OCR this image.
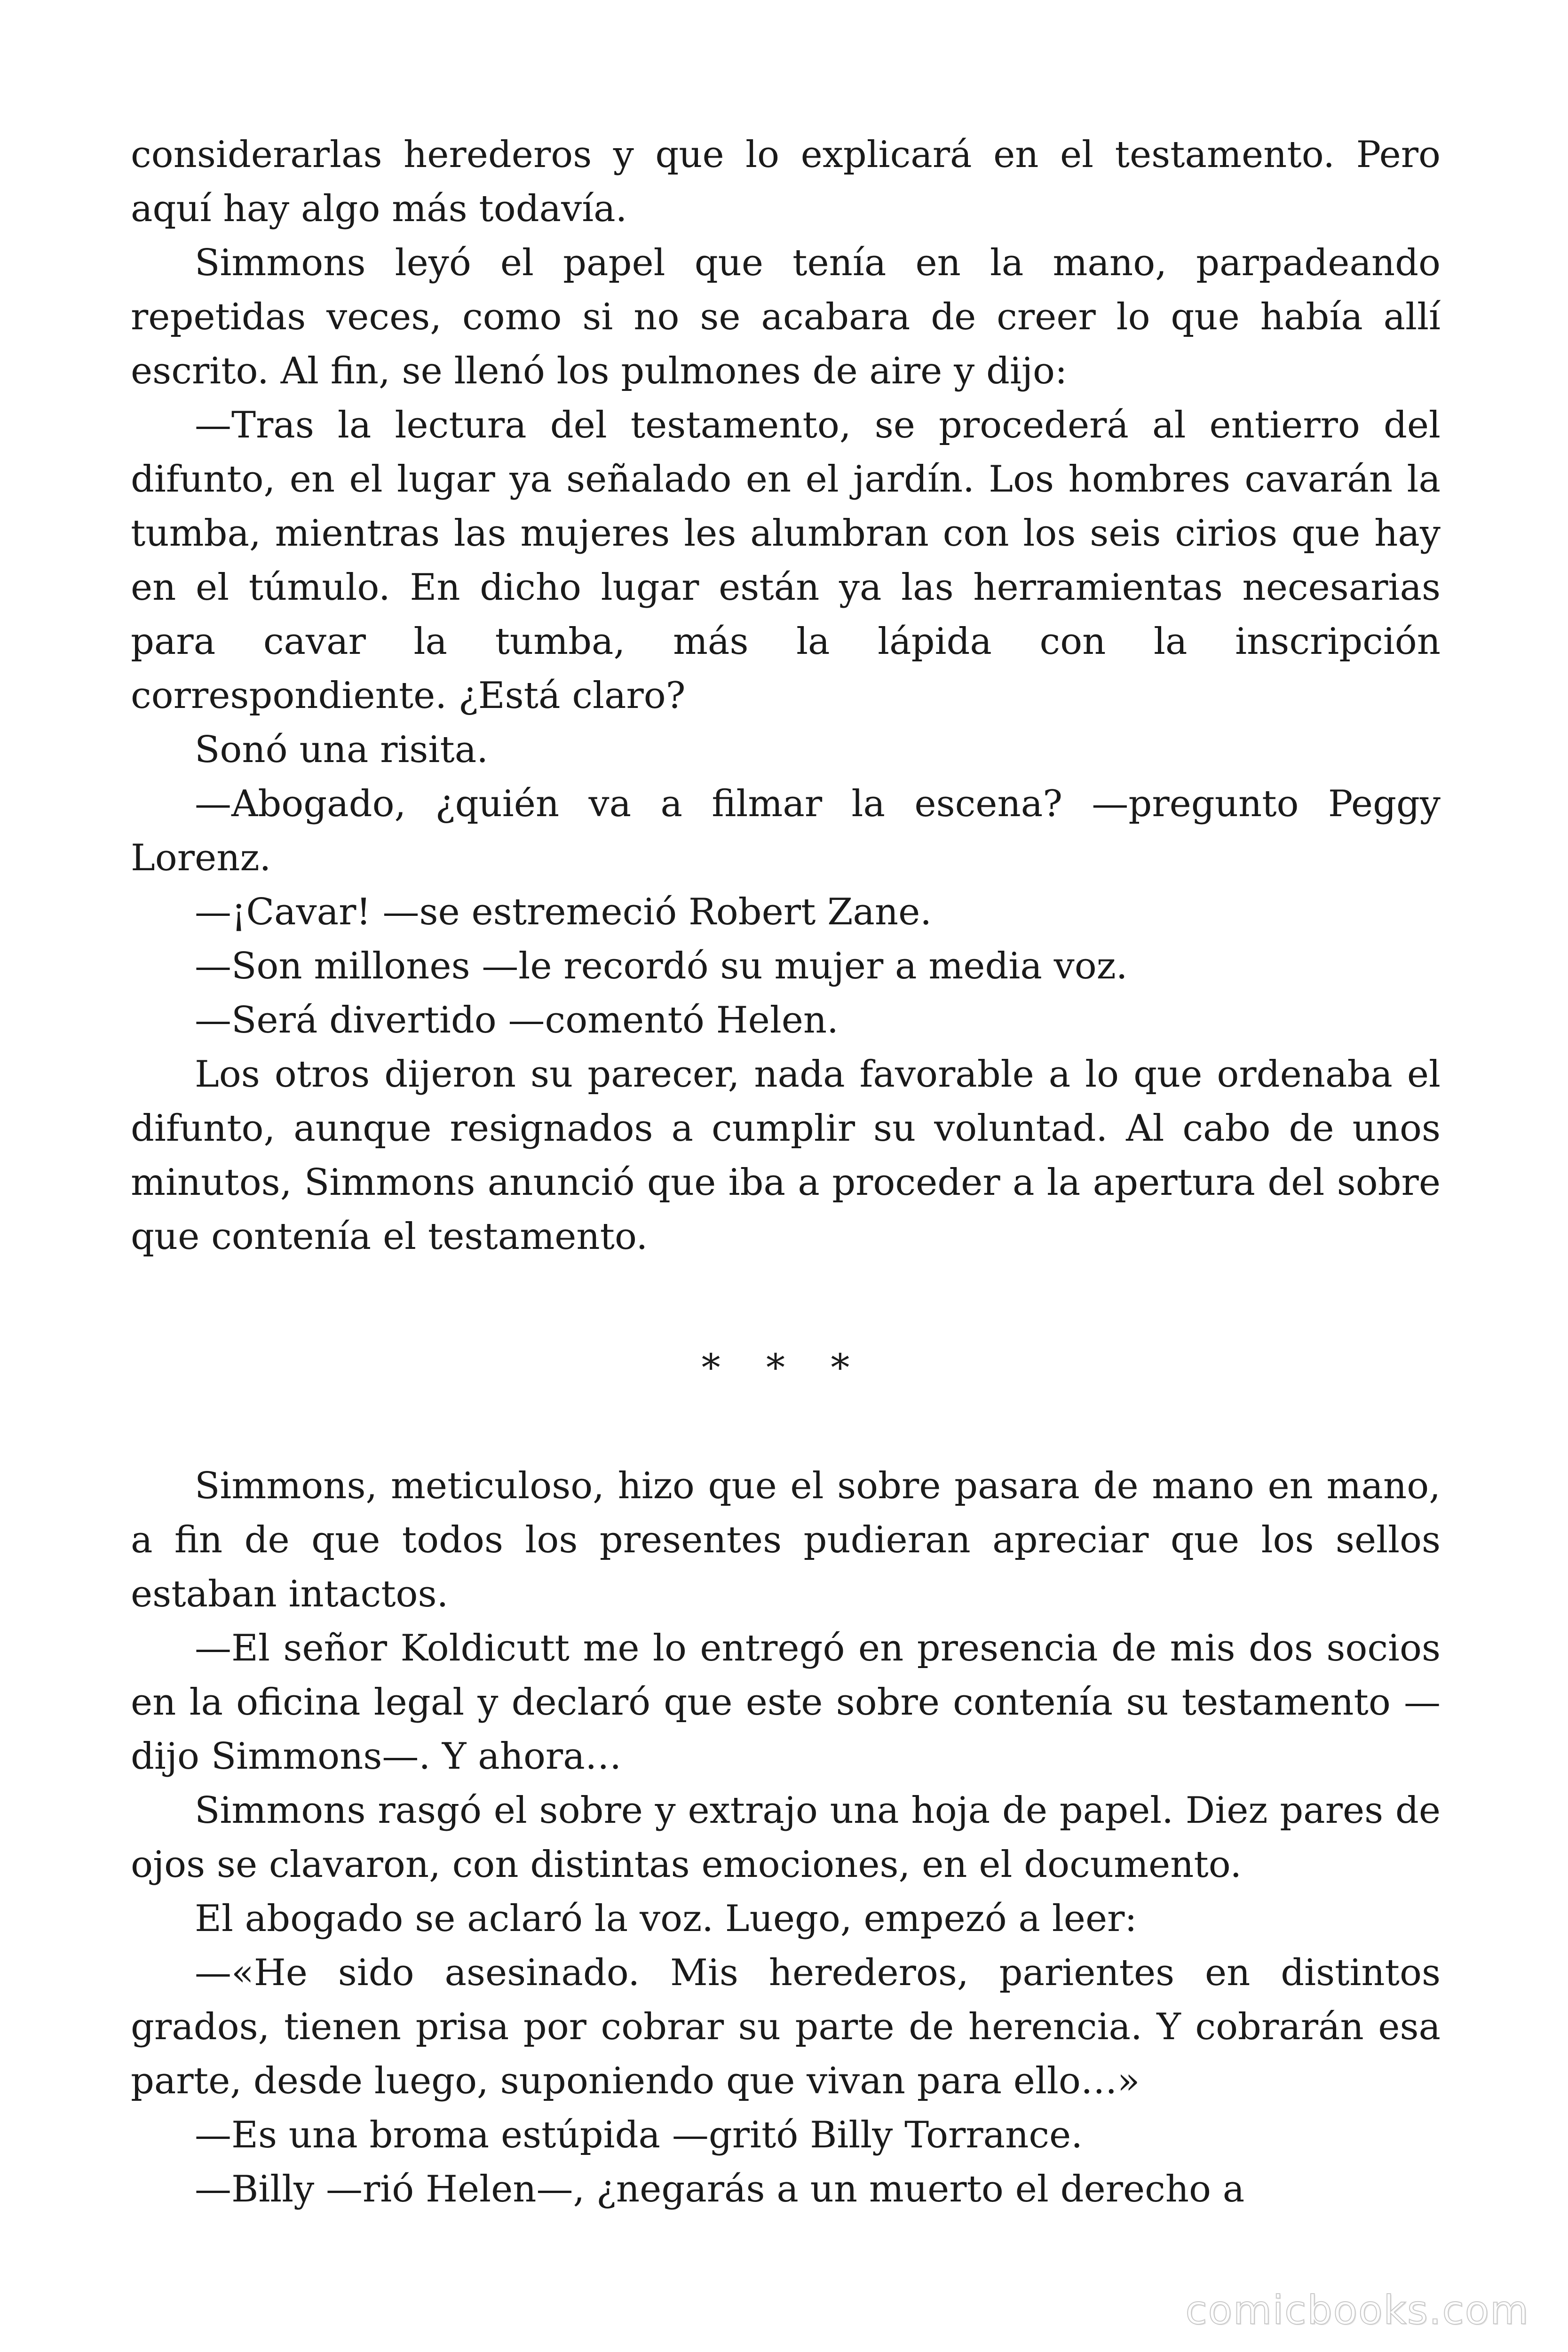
considerarlas herederos y que lo explicará en el testamento. Pero aquí hay algo más todavía.

Simmons leyó el papel que tenía en la mano, parpadeando repetidas veces, como si no se acabara de creer lo que había allí escrito. Al fin, se llenó los pulmones de aire y dijo:

—Tras la lectura del testamento, se procederá al entierro del difunto, en el lugar ya señalado en el jardín. Los hombres cavarán la tumba, mientras las mujeres les alumbran con los seis cirios que hay en el túmulo. En dicho lugar están ya las herramientas necesarias para cavar la tumba, más la lápida con la inscripción correspondiente. ¿Está claro?

Sonó una risita.

—Abogado, ¿quién va a filmar la escena? —pregunto Peggy Lorenz.

—¡Cavar! —se estremeció Robert Zane.

—Son millones —le recordó su mujer a media voz.

—Será divertido —comentó Helen.

Los otros dijeron su parecer, nada favorable a lo que ordenaba el difunto, aunque resignados a cumplir su voluntad. Al cabo de unos minutos, Simmons anunció que iba a proceder a la apertura del sobre que contenía el testamento.

* * *

Simmons, meticuloso, hizo que el sobre pasara de mano en mano, a fin de que todos los presentes pudieran apreciar que los sellos estaban intactos.

—El señor Koldicutt me lo entregó en presencia de mis dos socios en la oficina legal y declaró que este sobre contenía su testamento —dijo Simmons—. Y ahora…

Simmons rasgó el sobre y extrajo una hoja de papel. Diez pares de ojos se clavaron, con distintas emociones, en el documento.

El abogado se aclaró la voz. Luego, empezó a leer:

—«He sido asesinado. Mis herederos, parientes en distintos grados, tienen prisa por cobrar su parte de herencia. Y cobrarán esa parte, desde luego, suponiendo que vivan para ello…»

—Es una broma estúpida —gritó Billy Torrance.

—Billy —rió Helen—, ¿negarás a un muerto el derecho a

comicbooks.com
